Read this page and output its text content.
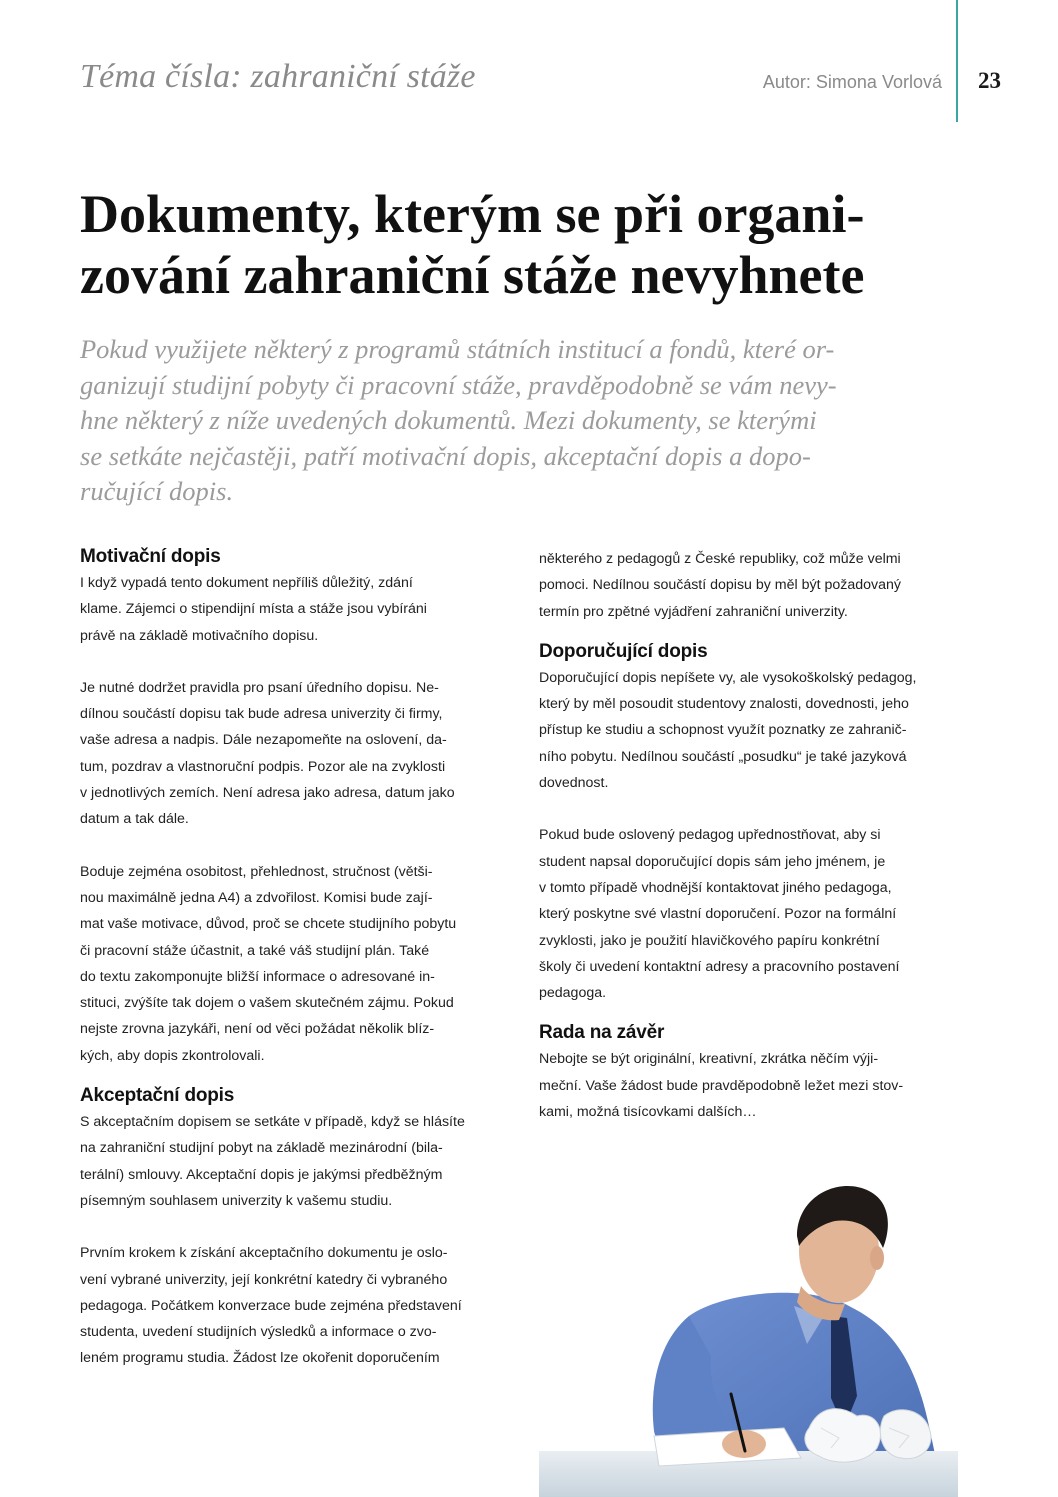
Téma čísla: zahraniční stáže	Autor: Simona Vorlová 23
Dokumenty, kterým se při organi-
zování zahraniční stáže nevyhnete
Pokud využijete některý z programů státních institucí a fondů, které or-
ganizují studijní pobyty či pracovní stáže, pravděpodobně se vám nevy-
hne některý z níže uvedených dokumentů. Mezi dokumenty, se kterými
se setkáte nejčastěji, patří motivační dopis, akceptační dopis a dopo-
ručující dopis.
Motivační dopis
I když vypadá tento dokument nepříliš důležitý, zdání
klame. Zájemci o stipendijní místa a stáže jsou vybíráni
právě na základě motivačního dopisu.
Je nutné dodržet pravidla pro psaní úředního dopisu. Ne-
dílnou součástí dopisu tak bude adresa univerzity či firmy,
vaše adresa a nadpis. Dále nezapomeňte na oslovení, da-
tum, pozdrav a vlastnoruční podpis. Pozor ale na zvyklosti
v jednotlivých zemích. Není adresa jako adresa, datum jako
datum a tak dále.
Boduje zejména osobitost, přehlednost, stručnost (větši-
nou maximálně jedna A4) a zdvořilost. Komisi bude zají-
mat vaše motivace, důvod, proč se chcete studijního pobytu
či pracovní stáže účastnit, a také váš studijní plán. Také
do textu zakomponujte bližší informace o adresované in-
stituci, zvýšíte tak dojem o vašem skutečném zájmu. Pokud
nejste zrovna jazykáři, není od věci požádat několik blíz-
kých, aby dopis zkontrolovali.
Akceptační dopis
S akceptačním dopisem se setkáte v případě, když se hlásíte
na zahraniční studijní pobyt na základě mezinárodní (bila-
terální) smlouvy. Akceptační dopis je jakýmsi předběžným
písemným souhlasem univerzity k vašemu studiu.
Prvním krokem k získání akceptačního dokumentu je oslo-
vení vybrané univerzity, její konkrétní katedry či vybraného
pedagoga. Počátkem konverzace bude zejména představení
studenta, uvedení studijních výsledků a informace o zvo-
leném programu studia. Žádost lze okořenit doporučením
některého z pedagogů z České republiky, což může velmi
pomoci. Nedílnou součástí dopisu by měl být požadovaný
termín pro zpětné vyjádření zahraniční univerzity.
Doporučující dopis
Doporučující dopis nepíšete vy, ale vysokoškolský pedagog,
který by měl posoudit studentovy znalosti, dovednosti, jeho
přístup ke studiu a schopnost využít poznatky ze zahranič-
ního pobytu. Nedílnou součástí „posudku“ je také jazyková
dovednost.
Pokud bude oslovený pedagog upřednostňovat, aby si
student napsal doporučující dopis sám jeho jménem, je
v tomto případě vhodnější kontaktovat jiného pedagoga,
který poskytne své vlastní doporučení. Pozor na formální
zvyklosti, jako je použití hlavičkového papíru konkrétní
školy či uvedení kontaktní adresy a pracovního postavení
pedagoga.
Rada na závěr
Nebojte se být originální, kreativní, zkrátka něčím výji-
meční. Vaše žádost bude pravděpodobně ležet mezi stov-
kami, možná tisícovkami dalších…
